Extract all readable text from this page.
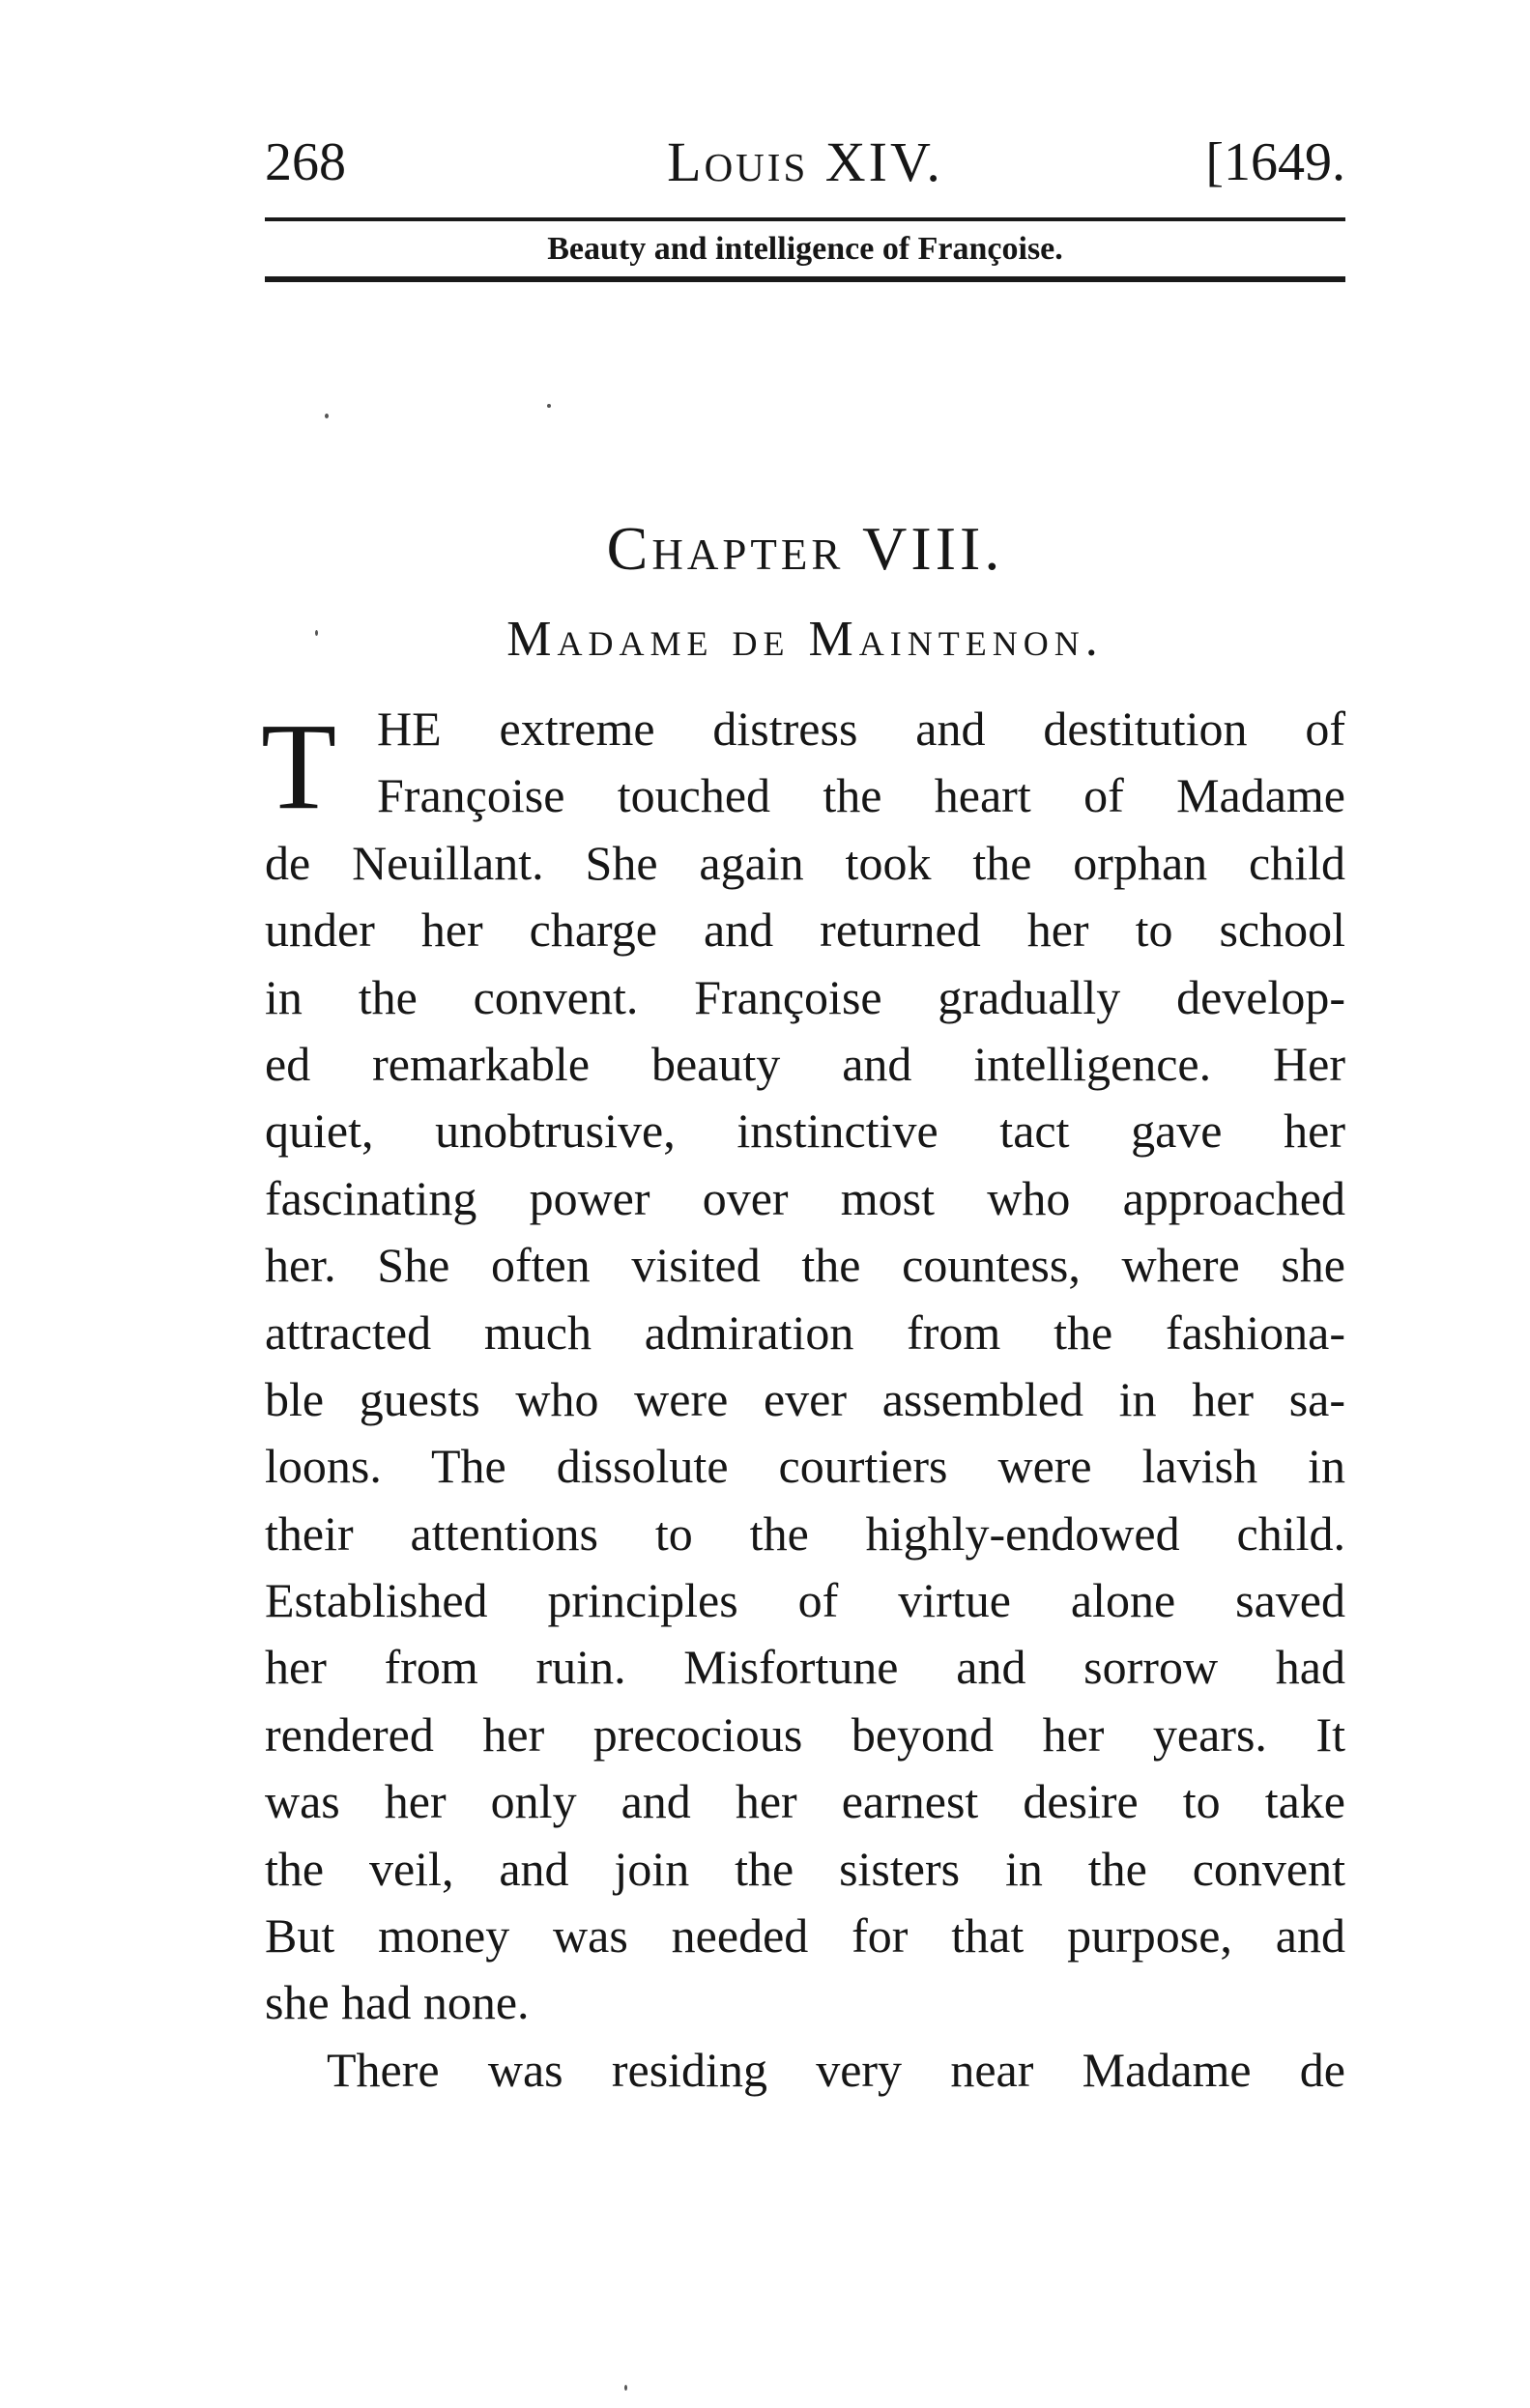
268	Louis XIV.	[1649.
Beauty and intelligence of Françoise.
Chapter VIII.
Madame de Maintenon.
T HE extreme distress and destitution of
Françoise touched the heart of Madame
de Neuillant. She again took the orphan child
under her charge and returned her to school
in the convent. Françoise gradually develop-
ed remarkable beauty and intelligence. Her
quiet, unobtrusive, instinctive tact gave her
fascinating power over most who approached
her. She often visited the countess, where she
attracted much admiration from the fashiona-
ble guests who were ever assembled in her sa-
loons. The dissolute courtiers were lavish in
their attentions to the highly-endowed child.
Established principles of virtue alone saved
her from ruin. Misfortune and sorrow had
rendered her precocious beyond her years. It
was her only and her earnest desire to take
the veil, and join the sisters in the convent
But money was needed for that purpose, and
she had none.
There was residing very near Madame de
